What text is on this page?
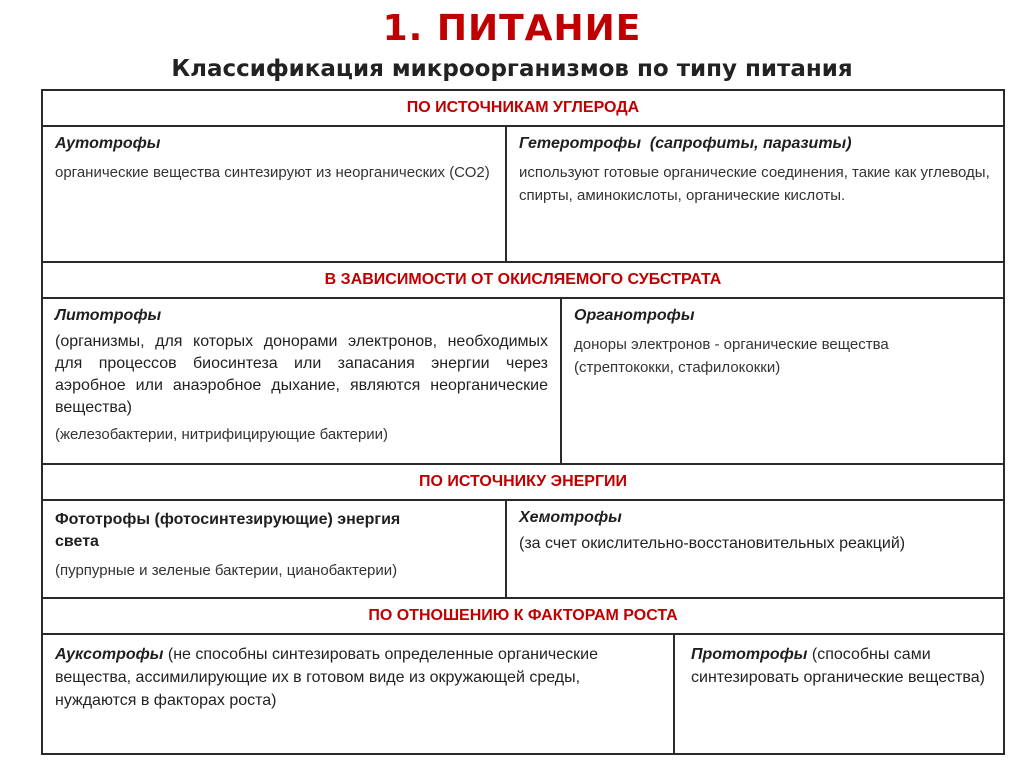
1. ПИТАНИЕ
Классификация микроорганизмов по типу питания
ПО ИСТОЧНИКАМ УГЛЕРОДА
Аутотрофы
органические вещества синтезируют из неорганических (СО2)
Гетеротрофы  (сапрофиты, паразиты)
используют готовые органические соединения, такие как углеводы, спирты, аминокислоты, органические кислоты.
В ЗАВИСИМОСТИ ОТ ОКИСЛЯЕМОГО СУБСТРАТА
Литотрофы
(организмы, для которых донорами электронов, необходимых для процессов биосинтеза или запасания энергии через аэробное или анаэробное дыхание, являются неорганические вещества)
(железобактерии, нитрифицирующие бактерии)
Органотрофы
доноры электронов - органические вещества (стрептококки, стафилококки)
ПО ИСТОЧНИКУ ЭНЕРГИИ
Фототрофы (фотосинтезирующие) энергия света
(пурпурные и зеленые бактерии, цианобактерии)
Хемотрофы
(за счет окислительно-восстановительных реакций)
ПО ОТНОШЕНИЮ К ФАКТОРАМ РОСТА
Ауксотрофы (не способны синтезировать определенные органические вещества, ассимилирующие их в готовом виде из окружающей среды, нуждаются в факторах роста)
Прототрофы (способны сами синтезировать органические вещества)
